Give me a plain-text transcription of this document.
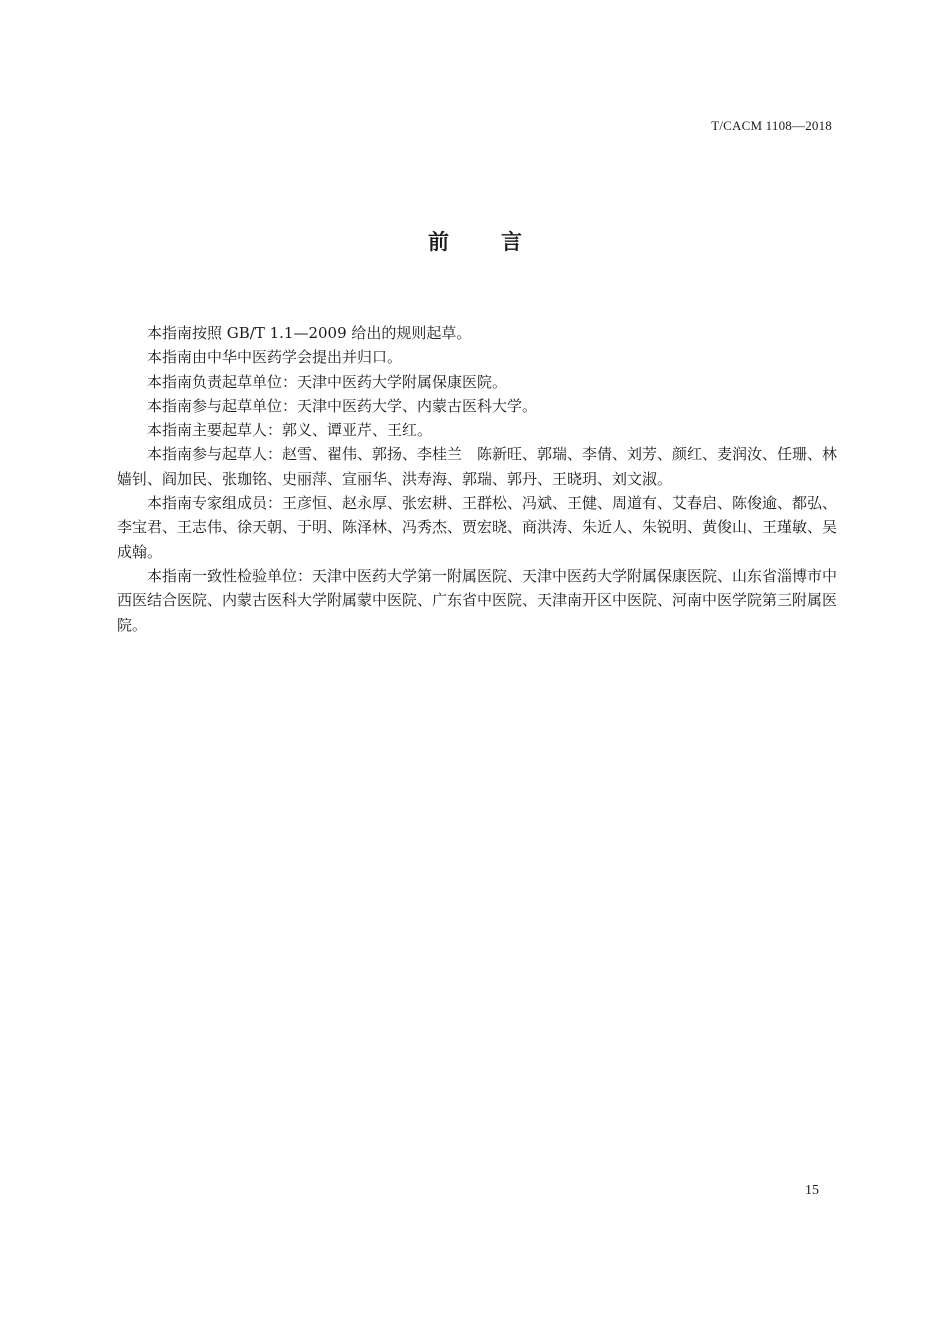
T/CACM 1108—2018
前言

本指南按照 GB/T 1.1—2009 给出的规则起草。

本指南由中华中医药学会提出并归口。

本指南负责起草单位：天津中医药大学附属保康医院。

本指南参与起草单位：天津中医药大学、内蒙古医科大学。

本指南主要起草人：郭义、谭亚芹、王红。

本指南参与起草人：赵雪、翟伟、郭扬、李桂兰　陈新旺、郭瑞、李倩、刘芳、颜红、麦润汝、任珊、林嫱钊、阎加民、张珈铭、史丽萍、宣丽华、洪寿海、郭瑞、郭丹、王晓玥、刘文淑。

本指南专家组成员：王彦恒、赵永厚、张宏耕、王群松、冯斌、王健、周道有、艾春启、陈俊逾、都弘、李宝君、王志伟、徐天朝、于明、陈泽林、冯秀杰、贾宏晓、商洪涛、朱近人、朱锐明、黄俊山、王瑾敏、吴成翰。

本指南一致性检验单位：天津中医药大学第一附属医院、天津中医药大学附属保康医院、山东省淄博市中西医结合医院、内蒙古医科大学附属蒙中医院、广东省中医院、天津南开区中医院、河南中医学院第三附属医院。

15
